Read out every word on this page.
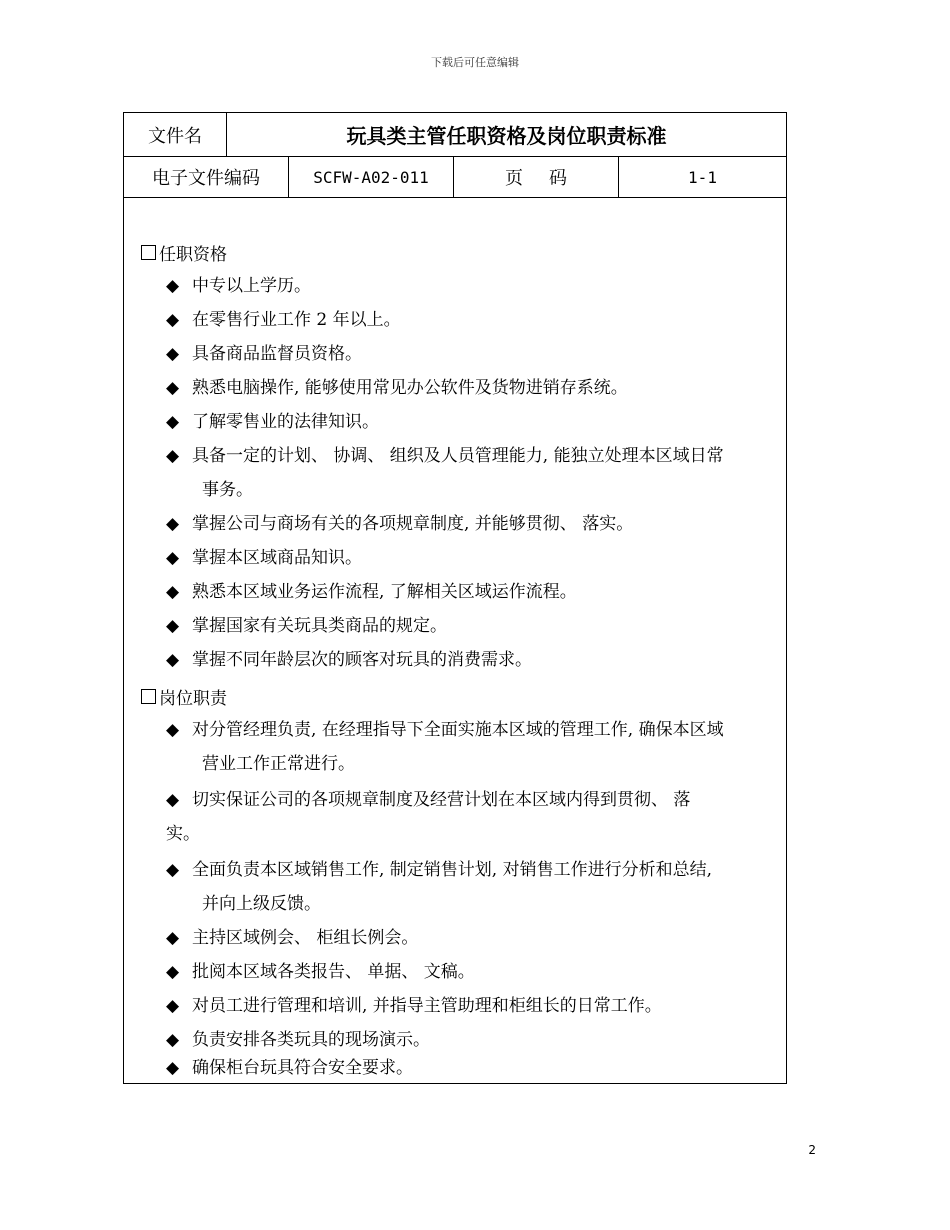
下载后可任意编辑
文件名	玩具类主管任职资格及岗位职责标准
电子文件编码	SCFW-A02-011	页 码	1-1
任职资格
◆ 中专以上学历。
◆ 在零售行业工作 2 年以上。
◆ 具备商品监督员资格。
◆ 熟悉电脑操作, 能够使用常见办公软件及货物进销存系统。
◆ 了解零售业的法律知识。
◆ 具备一定的计划、 协调、 组织及人员管理能力, 能独立处理本区域日常
事务。
◆ 掌握公司与商场有关的各项规章制度, 并能够贯彻、 落实。
◆ 掌握本区域商品知识。
◆ 熟悉本区域业务运作流程, 了解相关区域运作流程。
◆ 掌握国家有关玩具类商品的规定。
◆ 掌握不同年龄层次的顾客对玩具的消费需求。
岗位职责
◆ 对分管经理负责, 在经理指导下全面实施本区域的管理工作, 确保本区域
营业工作正常进行。
◆ 切实保证公司的各项规章制度及经营计划在本区域内得到贯彻、 落
实。
◆ 全面负责本区域销售工作, 制定销售计划, 对销售工作进行分析和总结,
并向上级反馈。
◆ 主持区域例会、 柜组长例会。
◆ 批阅本区域各类报告、 单据、 文稿。
◆ 对员工进行管理和培训, 并指导主管助理和柜组长的日常工作。
◆ 负责安排各类玩具的现场演示。
◆ 确保柜台玩具符合安全要求。
2
